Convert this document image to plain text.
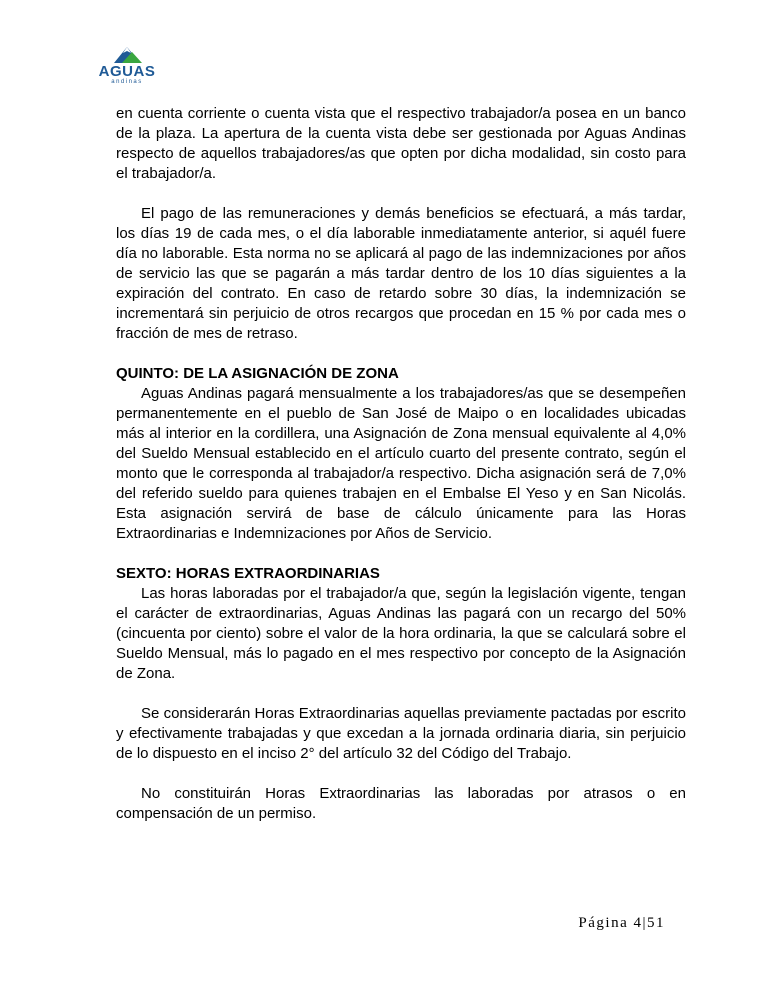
AGUAS
andinas

en cuenta corriente o cuenta vista que el respectivo trabajador/a posea en un banco de la plaza. La apertura de la cuenta vista debe ser gestionada por Aguas Andinas respecto de aquellos trabajadores/as que opten por dicha modalidad, sin costo para el trabajador/a.

El pago de las remuneraciones y demás beneficios se efectuará, a más tardar, los días 19 de cada mes, o el día laborable inmediatamente anterior, si aquél fuere día no laborable. Esta norma no se aplicará al pago de las indemnizaciones por años de servicio las que se pagarán a más tardar dentro de los 10 días siguientes a la expiración del contrato. En caso de retardo sobre 30 días, la indemnización se incrementará sin perjuicio de otros recargos que procedan en 15 % por cada mes o fracción de mes de retraso.

QUINTO: DE LA ASIGNACIÓN DE ZONA

Aguas Andinas pagará mensualmente a los trabajadores/as que se desempeñen permanentemente en el pueblo de San José de Maipo o en localidades ubicadas más al interior en la cordillera, una Asignación de Zona mensual equivalente al 4,0% del Sueldo Mensual establecido en el artículo cuarto del presente contrato, según el monto que le corresponda al trabajador/a respectivo. Dicha asignación será de 7,0% del referido sueldo para quienes trabajen en el Embalse El Yeso y en San Nicolás. Esta asignación servirá de base de cálculo únicamente para las Horas Extraordinarias e Indemnizaciones por Años de Servicio.

SEXTO: HORAS EXTRAORDINARIAS

Las horas laboradas por el trabajador/a que, según la legislación vigente, tengan el carácter de extraordinarias, Aguas Andinas las pagará con un recargo del 50% (cincuenta por ciento) sobre el valor de la hora ordinaria, la que se calculará sobre el Sueldo Mensual, más lo pagado en el mes respectivo por concepto de la Asignación de Zona.

Se considerarán Horas Extraordinarias aquellas previamente pactadas por escrito y efectivamente trabajadas y que excedan a la jornada ordinaria diaria, sin perjuicio de lo dispuesto en el inciso 2° del artículo 32 del Código del Trabajo.

No constituirán Horas Extraordinarias las laboradas por atrasos o en compensación de un permiso.

Página 4|51
